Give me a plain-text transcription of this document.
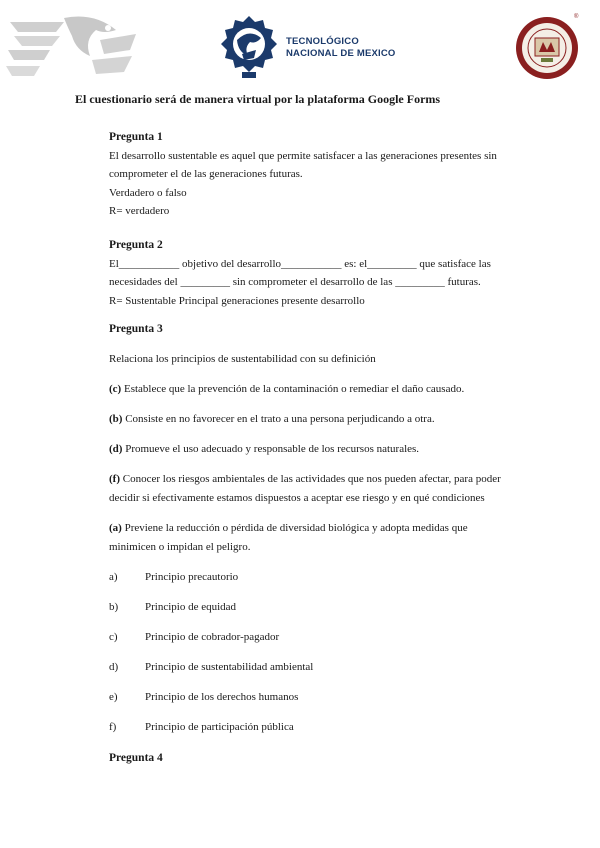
TECNOLÓGICO
NACIONAL DE MEXICO
®
El cuestionario será de manera virtual por la plataforma Google Forms

Pregunta 1

El desarrollo sustentable es aquel que permite satisfacer a las generaciones presentes sin

comprometer el de las generaciones futuras.

Verdadero o falso

R= verdadero

Pregunta 2

El___________ objetivo del desarrollo___________ es: el_________ que satisface las

necesidades del _________ sin comprometer el desarrollo de las _________ futuras.

R= Sustentable Principal generaciones presente desarrollo

Pregunta 3

Relaciona los principios de sustentabilidad con su definición

(c) Establece que la prevención de la contaminación o remediar el daño causado.

(b) Consiste en no favorecer en el trato a una persona perjudicando a otra.

(d) Promueve el uso adecuado y responsable de los recursos naturales.

(f) Conocer los riesgos ambientales de las actividades que nos pueden afectar, para poder

decidir si efectivamente estamos dispuestos a aceptar ese riesgo y en qué condiciones

(a) Previene la reducción o pérdida de diversidad biológica y adopta medidas que

minimicen o impidan el peligro.

a) Principio precautorio
b) Principio de equidad
c) Principio de cobrador-pagador
d) Principio de sustentabilidad ambiental
e) Principio de los derechos humanos
f)	Principio de participación pública

Pregunta 4
